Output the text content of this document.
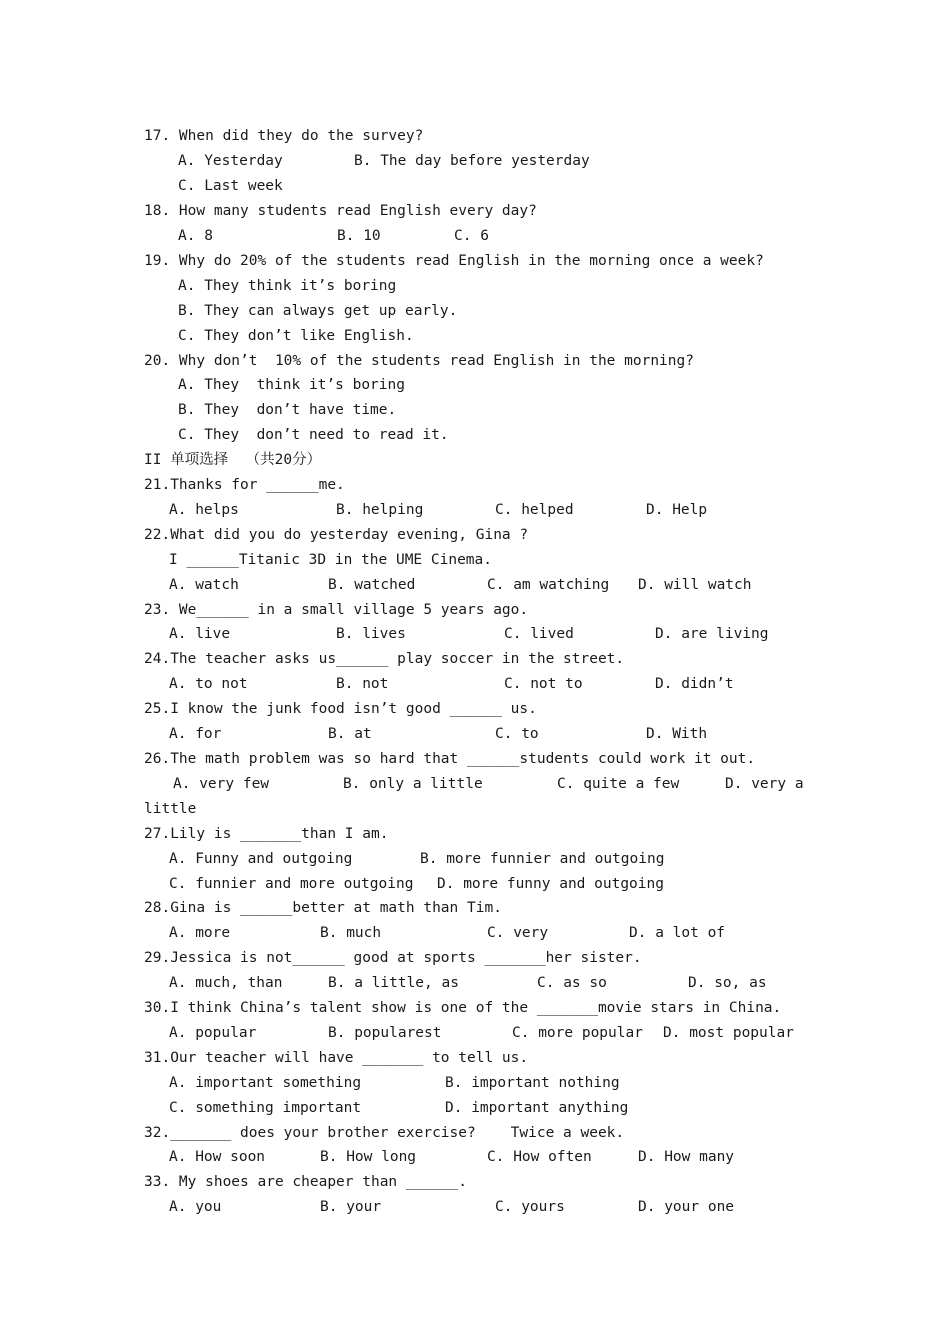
17. When did they do the survey?

A. Yesterday

	B. The day before yesterday

C. Last week

18. How many students read English every day?

A. 8

	B. 10

	C. 6

19. Why do 20% of the students read English in the morning once a week?

A. They think it’s boring

B. They can always get up early.

C. They don’t like English.

20. Why don’t  10% of the students read English in the morning?

A. They  think it’s boring

B. They  don’t have time.

C. They  don’t need to read it.

II 单项选择  （共20分）

21.Thanks for ______me.

A. helps

	B. helping

	C. helped

	D. Help

22.What did you do yesterday evening, Gina ?

I ______Titanic 3D in the UME Cinema.

A. watch

	B. watched

	C. am watching

D. will watch

23. We______ in a small village 5 years ago.

A. live

	B. lives

	C. lived

	D. are living

24.The teacher asks us______ play soccer in the street.

A. to not

	B. not

	C. not to

	D. didn’t

25.I know the junk food isn’t good ______ us.

A. for

	B. at

	C. to

	D. With

26.The math problem was so hard that ______students could work it out.

A. very few

	B. only a little

	C. quite a few

	D. very a

little

27.Lily is _______than I am.

A. Funny and outgoing

	B. more funnier and outgoing

C. funnier and more outgoing

D. more funny and outgoing

28.Gina is ______better at math than Tim.

A. more

	B. much

	C. very

	D. a lot of

29.Jessica is not______ good at sports _______her sister.

A. much, than

	B. a little, as

	C. as so

	D. so, as

30.I think China’s talent show is one of the _______movie stars in China.

A. popular

	B. popularest

	C. more popular

D. most popular

31.Our teacher will have _______ to tell us.

A. important something

	B. important nothing

C. something important

	D. important anything

32._______ does your brother exercise?    Twice a week.

A. How soon

	B. How long

	C. How often

	D. How many

33. My shoes are cheaper than ______.

A. you

	B. your

	C. yours

	D. your one
